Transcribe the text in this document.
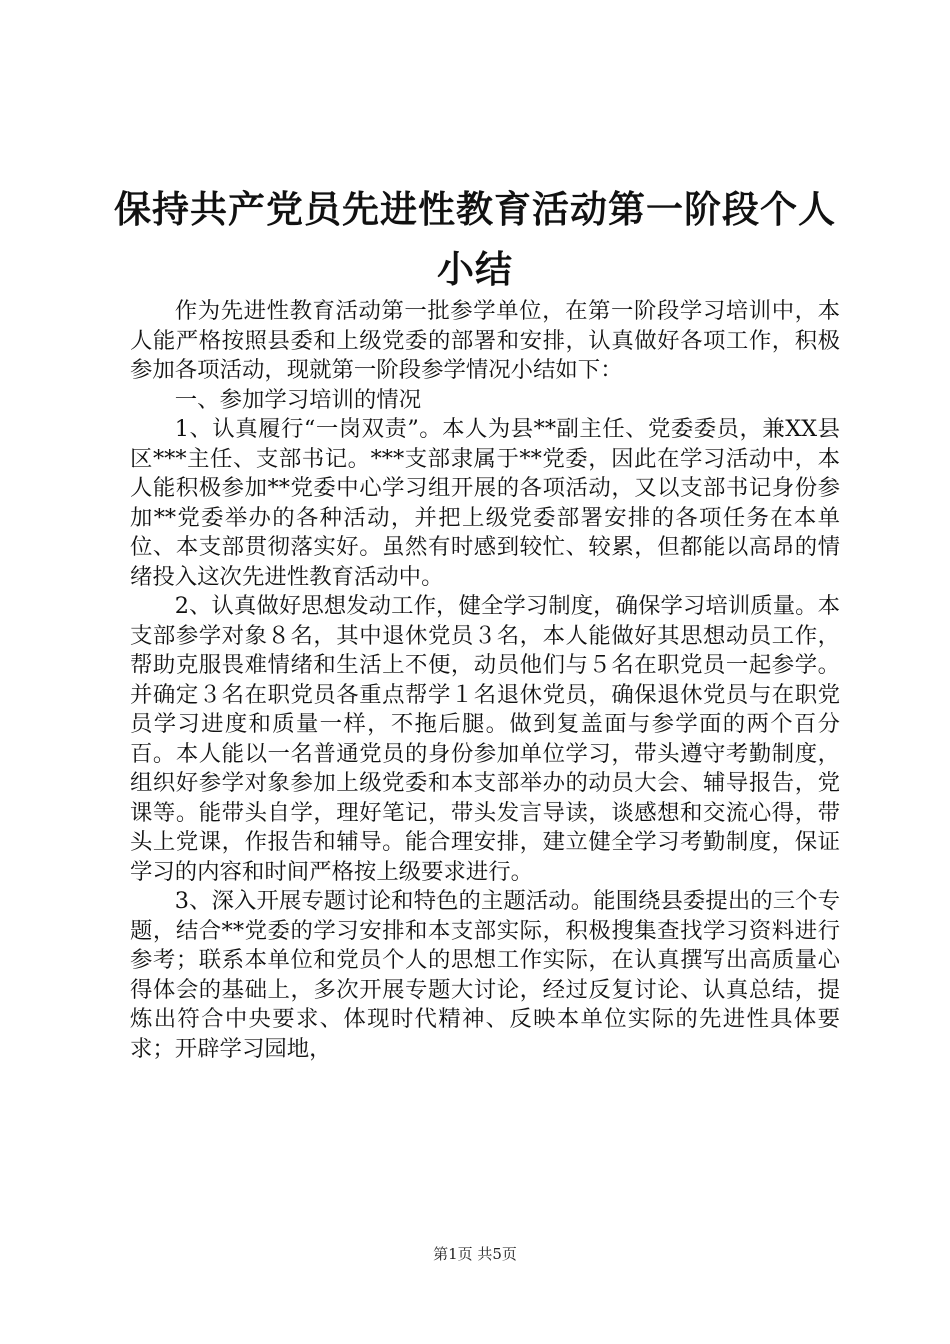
保持共产党员先进性教育活动第一阶段个人小结

作为先进性教育活动第一批参学单位，在第一阶段学习培训中，本人能严格按照县委和上级党委的部署和安排，认真做好各项工作，积极参加各项活动，现就第一阶段参学情况小结如下：

一、参加学习培训的情况

1、认真履行“一岗双责”。本人为县**副主任、党委委员，兼XX县区***主任、支部书记。***支部隶属于**党委，因此在学习活动中，本人能积极参加**党委中心学习组开展的各项活动，又以支部书记身份参加**党委举办的各种活动，并把上级党委部署安排的各项任务在本单位、本支部贯彻落实好。虽然有时感到较忙、较累，但都能以高昂的情绪投入这次先进性教育活动中。

2、认真做好思想发动工作，健全学习制度，确保学习培训质量。本支部参学对象８名，其中退休党员３名，本人能做好其思想动员工作，帮助克服畏难情绪和生活上不便，动员他们与５名在职党员一起参学。并确定３名在职党员各重点帮学１名退休党员，确保退休党员与在职党员学习进度和质量一样，不拖后腿。做到复盖面与参学面的两个百分百。本人能以一名普通党员的身份参加单位学习，带头遵守考勤制度，组织好参学对象参加上级党委和本支部举办的动员大会、辅导报告，党课等。能带头自学，理好笔记，带头发言导读，谈感想和交流心得，带头上党课，作报告和辅导。能合理安排，建立健全学习考勤制度，保证学习的内容和时间严格按上级要求进行。

3、深入开展专题讨论和特色的主题活动。能围绕县委提出的三个专题，结合**党委的学习安排和本支部实际，积极搜集查找学习资料进行参考；联系本单位和党员个人的思想工作实际，在认真撰写出高质量心得体会的基础上，多次开展专题大讨论，经过反复讨论、认真总结，提炼出符合中央要求、体现时代精神、反映本单位实际的先进性具体要求；开辟学习园地，

第1页 共5页
